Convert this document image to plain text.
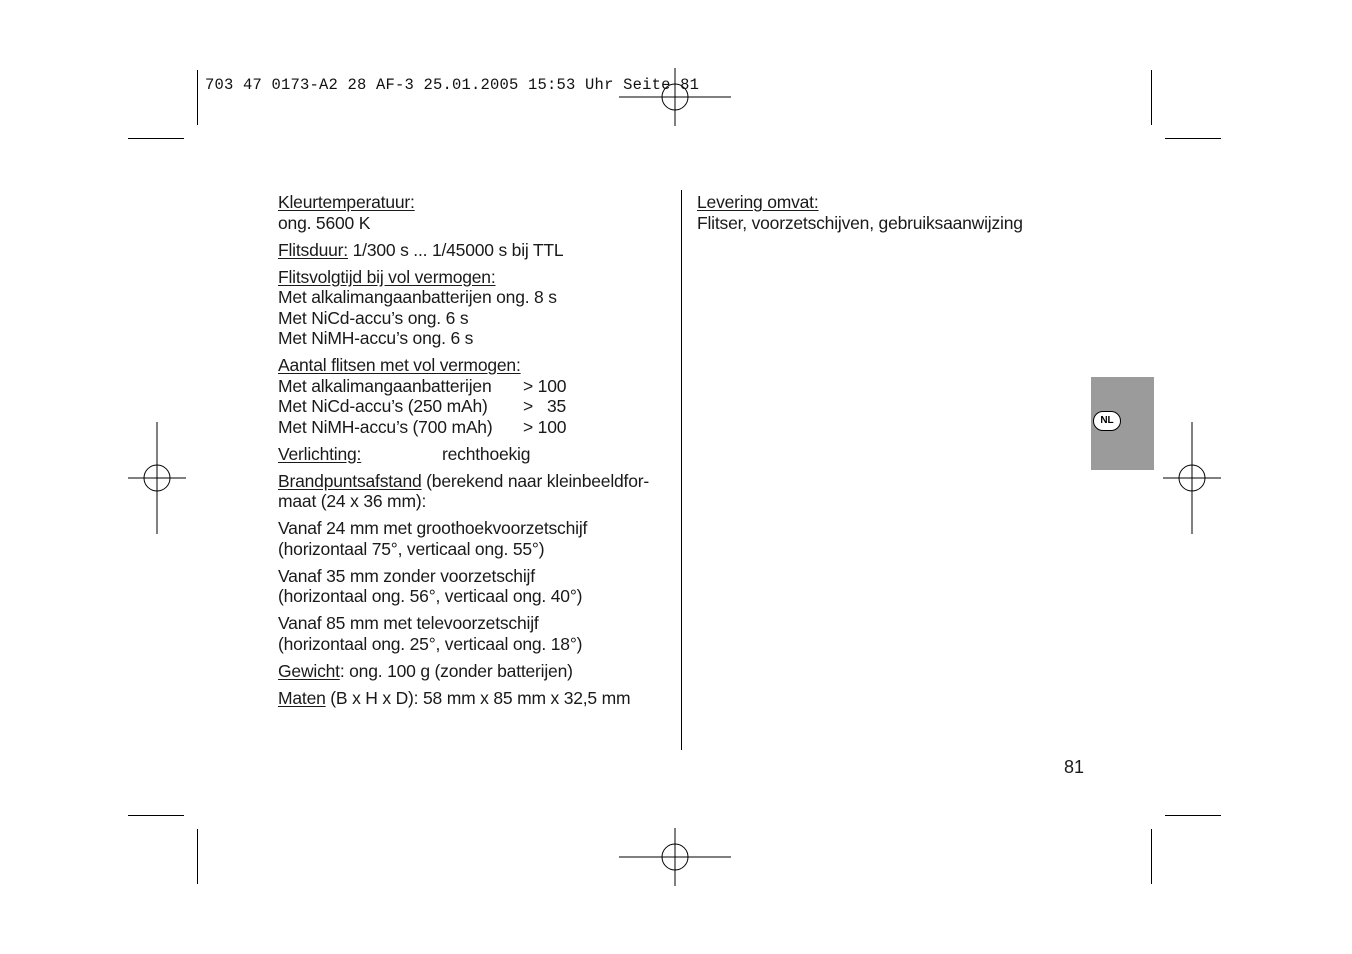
703 47 0173-A2 28 AF-3 25.01.2005 15:53 Uhr Seite 81
Kleurtemperatuur:
ong. 5600 K
Flitsduur: 1/300 s ... 1/45000 s bij TTL
Flitsvolgtijd bij vol vermogen:
Met alkalimangaanbatterijen ong. 8 s
Met NiCd-accu’s ong. 6 s
Met NiMH-accu’s ong. 6 s
Aantal flitsen met vol vermogen:
Met alkalimangaanbatterijen	> 100
Met NiCd-accu’s (250 mAh)	>   35
Met NiMH-accu’s (700 mAh)	> 100
Verlichting:	rechthoekig
Brandpuntsafstand (berekend naar kleinbeeldfor-
maat (24 x 36 mm):
Vanaf 24 mm met groothoekvoorzetschijf
(horizontaal 75°, verticaal ong. 55°)
Vanaf 35 mm zonder voorzetschijf
(horizontaal ong. 56°, verticaal ong. 40°)
Vanaf 85 mm met televoorzetschijf
(horizontaal ong. 25°, verticaal ong. 18°)
Gewicht: ong. 100 g (zonder batterijen)
Maten (B x H x D): 58 mm x 85 mm x 32,5 mm
Levering omvat:
Flitser, voorzetschijven, gebruiksaanwijzing
NL
81
